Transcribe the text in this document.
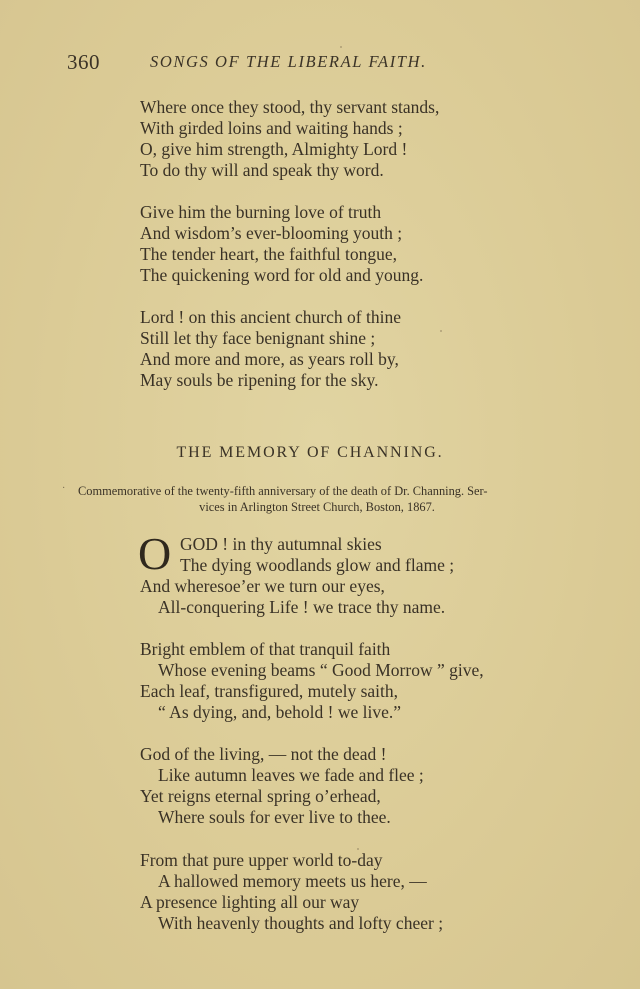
360	SONGS OF THE LIBERAL FAITH.
Where once they stood, thy servant stands,
With girded loins and waiting hands ;
O, give him strength, Almighty Lord !
To do thy will and speak thy word.
Give him the burning love of truth
And wisdom’s ever-blooming youth ;
The tender heart, the faithful tongue,
The quickening word for old and young.
Lord ! on this ancient church of thine
Still let thy face benignant shine ;
And more and more, as years roll by,
May souls be ripening for the sky.
THE MEMORY OF CHANNING.
· Commemorative of the twenty-fifth anniversary of the death of Dr. Channing. Ser-
vices in Arlington Street Church, Boston, 1867.
O GOD ! in thy autumnal skies
The dying woodlands glow and flame ;
And wheresoe’er we turn our eyes,
All-conquering Life ! we trace thy name.
Bright emblem of that tranquil faith
Whose evening beams “ Good Morrow ” give,
Each leaf, transfigured, mutely saith,
“ As dying, and, behold ! we live.”
God of the living, — not the dead !
Like autumn leaves we fade and flee ;
Yet reigns eternal spring o’erhead,
Where souls for ever live to thee.
From that pure upper world to-day
A hallowed memory meets us here, —
A presence lighting all our way
With heavenly thoughts and lofty cheer ;
